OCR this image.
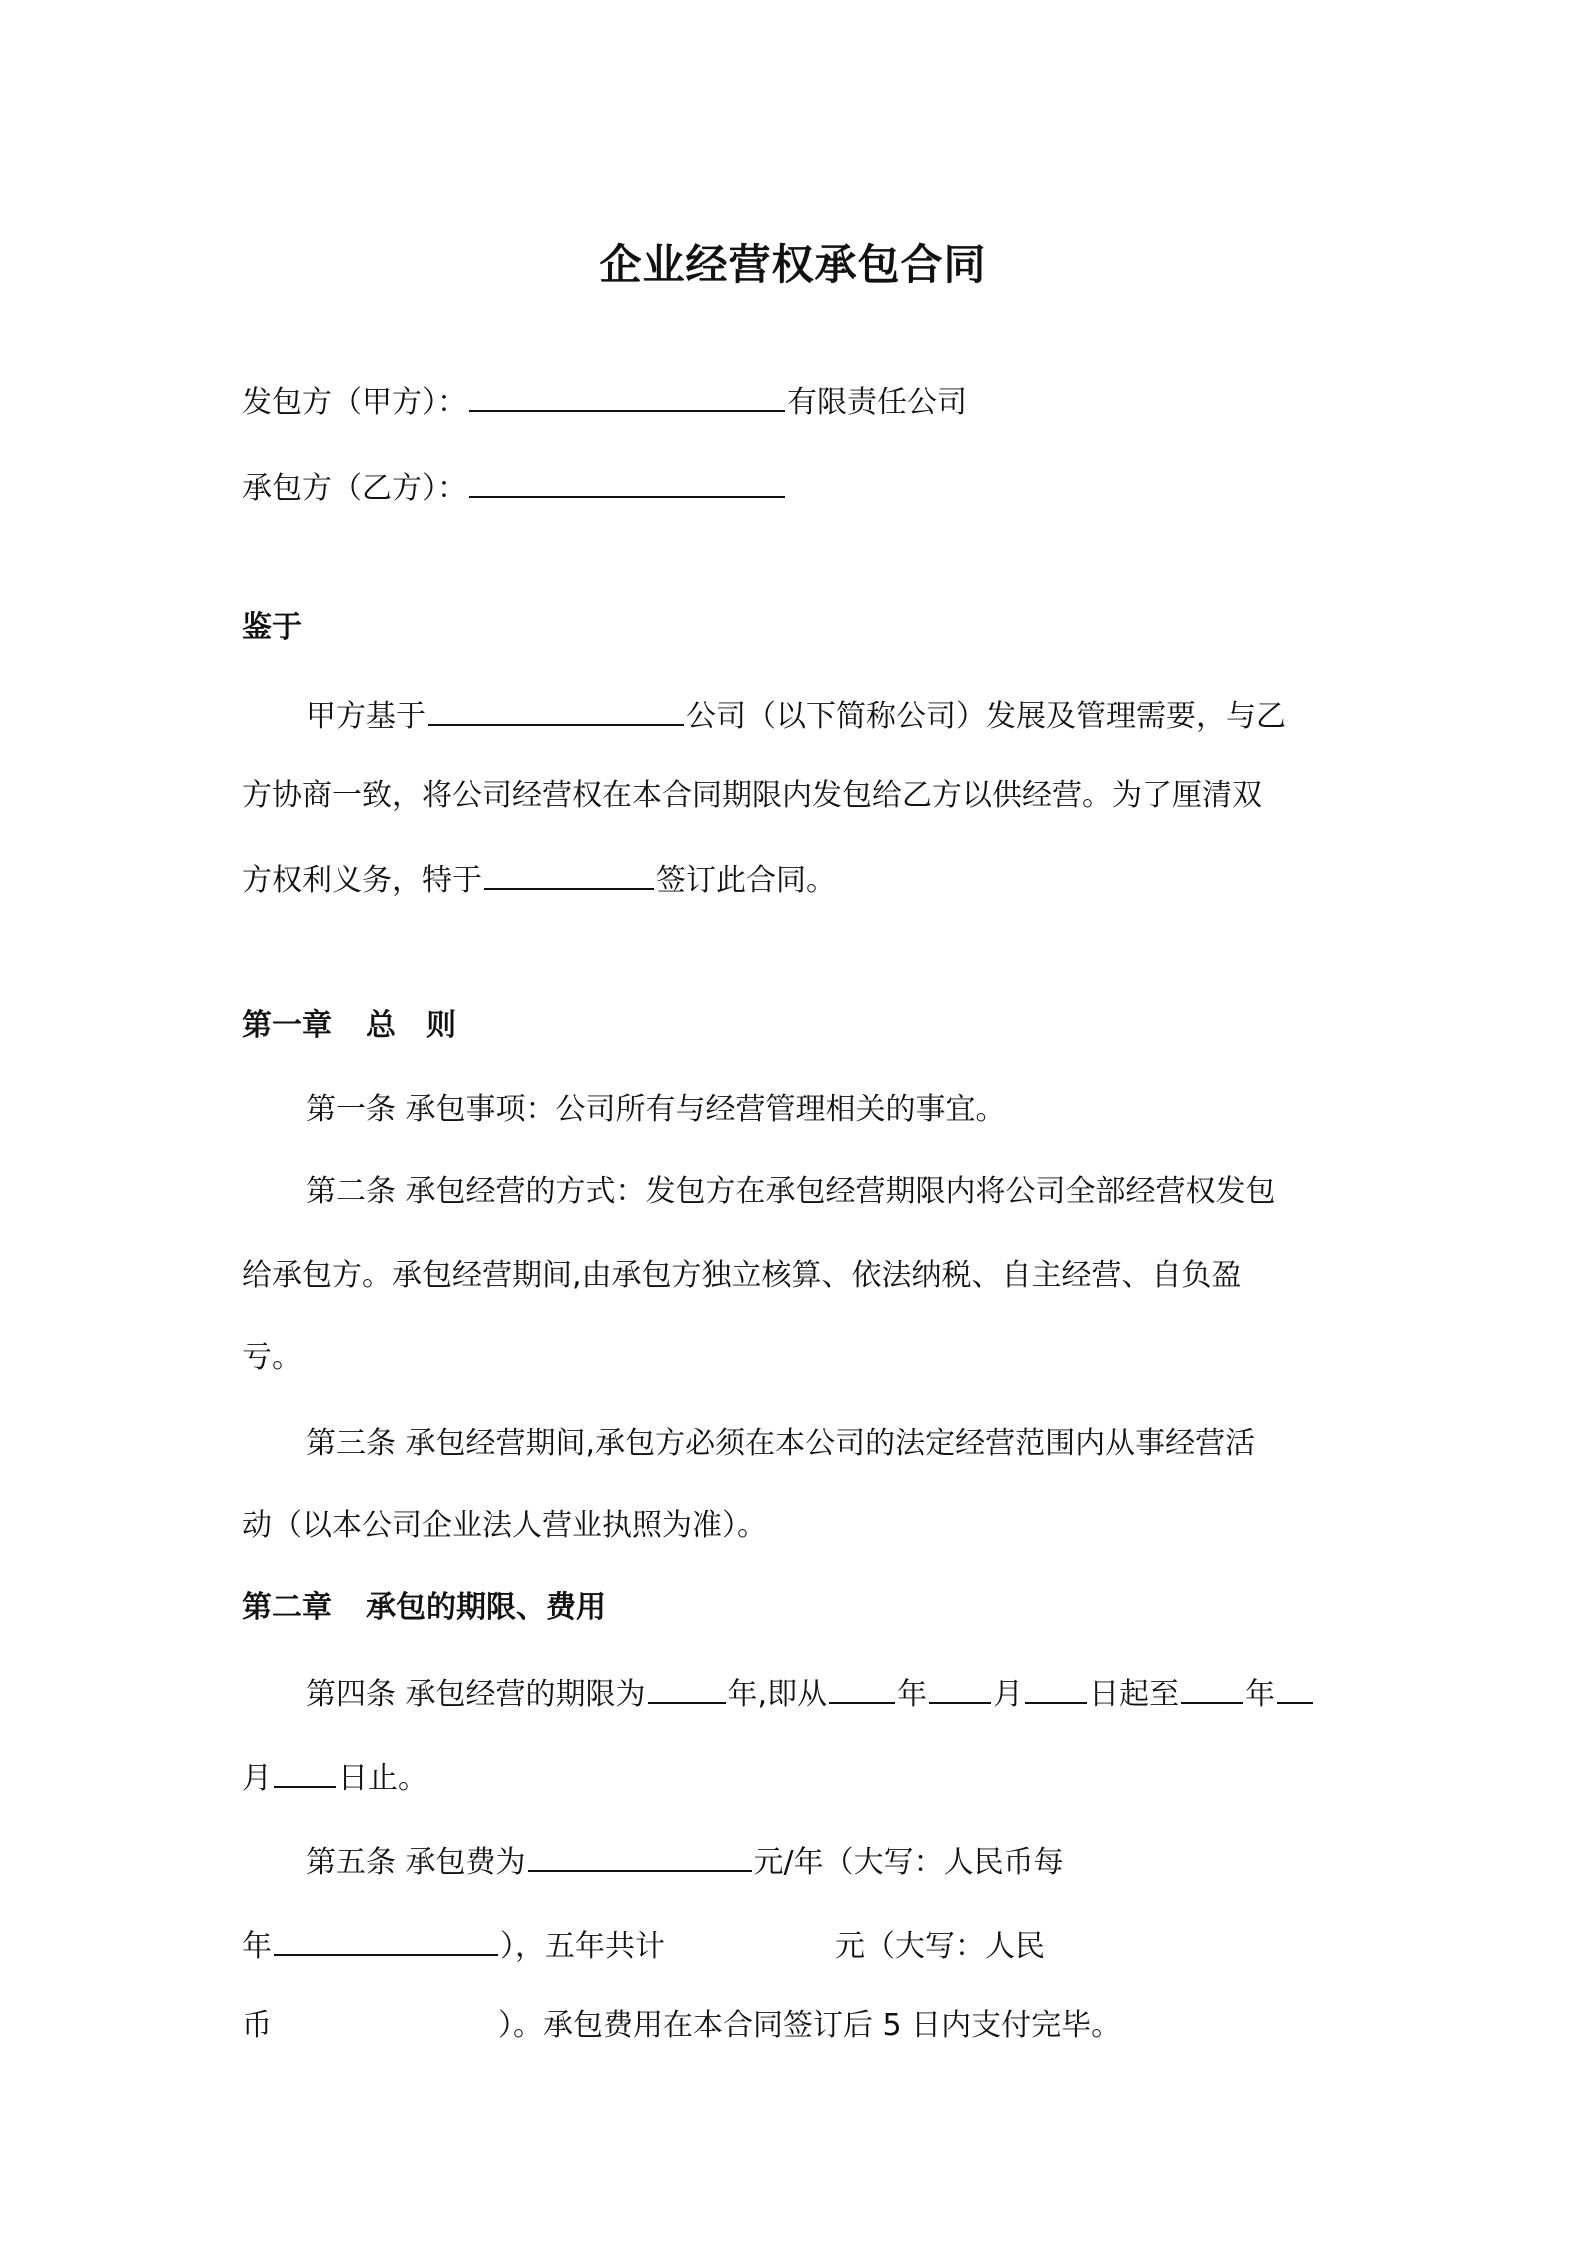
企业经营权承包合同
发包方（甲方）：	有限责任公司
承包方（乙方）：
鉴于
甲方基于	公司（以下简称公司）发展及管理需要，与乙
方协商一致，将公司经营权在本合同期限内发包给乙方以供经营。为了厘清双
方权利义务，特于	签订此合同。
第一章 总 则
第一条 承包事项：公司所有与经营管理相关的事宜。
第二条 承包经营的方式：发包方在承包经营期限内将公司全部经营权发包
给承包方。承包经营期间,由承包方独立核算、依法纳税、自主经营、自负盈
亏。
第三条 承包经营期间,承包方必须在本公司的法定经营范围内从事经营活
动（以本公司企业法人营业执照为准）。
第二章 承包的期限、费用
第四条 承包经营的期限为	年,即从 年 月 日起至 年
月 日止。
第五条 承包费为	元/年（大写：人民币每
年	），五年共计	元（大写：人民
币	）。承包费用在本合同签订后 5 日内支付完毕。
